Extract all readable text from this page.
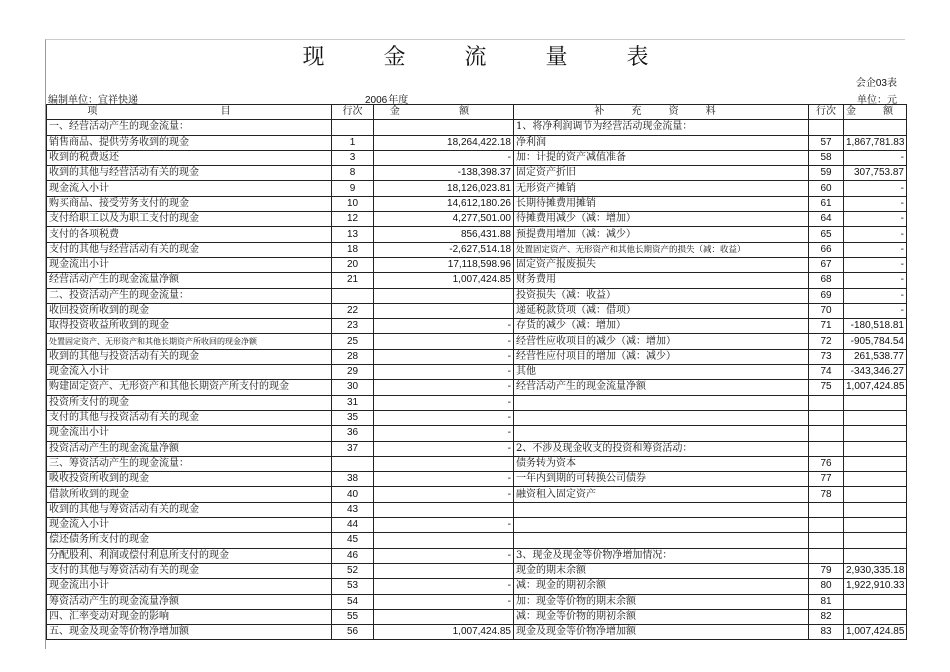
现 金 流 量 表
会企03表
编制单位：宜祥快递	2006年度	单位：元
项 目	行次	金 额	补 充 资 料	行次	金 额
一、经营活动产生的现金流量：			1、将净利润调节为经营活动现金流量：		
销售商品、提供劳务收到的现金	1	18,264,422.18	净利润	57	1,867,781.83
收到的税费返还	3	-	加：计提的资产减值准备	58	-
收到的其他与经营活动有关的现金	8	-138,398.37	固定资产折旧	59	307,753.87
现金流入小计	9	18,126,023.81	无形资产摊销	60	-
购买商品、接受劳务支付的现金	10	14,612,180.26	长期待摊费用摊销	61	-
支付给职工以及为职工支付的现金	12	4,277,501.00	待摊费用减少（减：增加）	64	-
支付的各项税费	13	856,431.88	预提费用增加（减：减少）	65	-
支付的其他与经营活动有关的现金	18	-2,627,514.18	处置固定资产、无形资产和其他长期资产的损失（减：收益）	66	-
现金流出小计	20	17,118,598.96	固定资产报废损失	67	-
经营活动产生的现金流量净额	21	1,007,424.85	财务费用	68	-
二、投资活动产生的现金流量：			投资损失（减：收益）	69	-
收回投资所收到的现金	22		递延税款贷项（减：借项）	70	-
取得投资收益所收到的现金	23	-	存货的减少（减：增加）	71	-180,518.81
处置固定资产、无形资产和其他长期资产所收回的现金净额	25	-	经营性应收项目的减少（减：增加）	72	-905,784.54
收到的其他与投资活动有关的现金	28	-	经营性应付项目的增加（减：减少）	73	261,538.77
现金流入小计	29	-	其他	74	-343,346.27
购建固定资产、无形资产和其他长期资产所支付的现金	30	-	经营活动产生的现金流量净额	75	1,007,424.85
投资所支付的现金	31	-			
支付的其他与投资活动有关的现金	35	-			
现金流出小计	36	-			
投资活动产生的现金流量净额	37	-	2、不涉及现金收支的投资和筹资活动：		
三、筹资活动产生的现金流量：			债务转为资本	76	
吸收投资所收到的现金	38	-	一年内到期的可转换公司债券	77	
借款所收到的现金	40	-	融资租入固定资产	78	
收到的其他与筹资活动有关的现金	43				
现金流入小计	44	-			
偿还债务所支付的现金	45				
分配股利、利润或偿付利息所支付的现金	46	-	3、现金及现金等价物净增加情况：		
支付的其他与筹资活动有关的现金	52		现金的期末余额	79	2,930,335.18
现金流出小计	53	-	减：现金的期初余额	80	1,922,910.33
筹资活动产生的现金流量净额	54	-	加：现金等价物的期末余额	81	
四、汇率变动对现金的影响	55		减：现金等价物的期初余额	82	
五、现金及现金等价物净增加额	56	1,007,424.85	现金及现金等价物净增加额	83	1,007,424.85
